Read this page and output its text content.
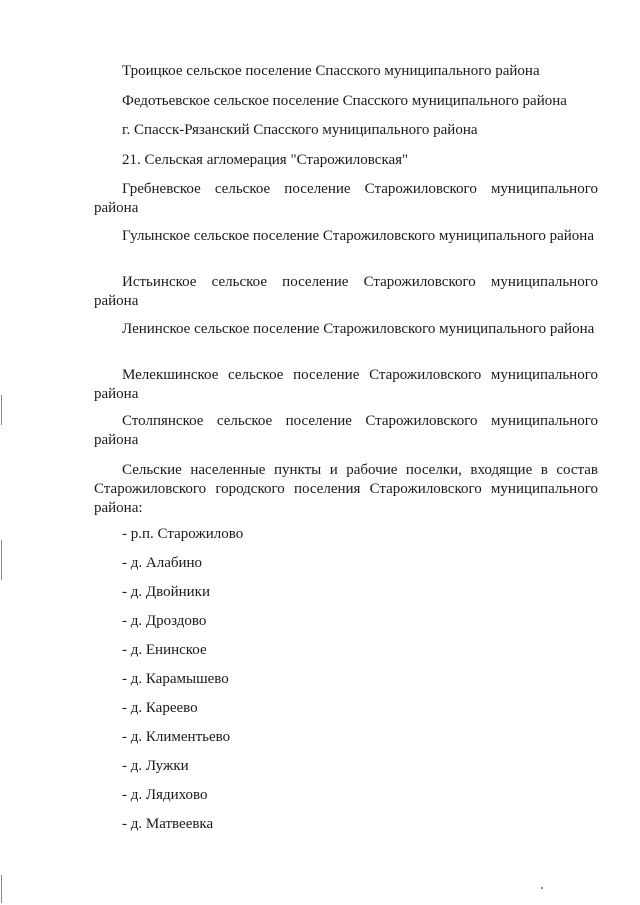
Троицкое сельское поселение Спасского муниципального района
Федотьевское сельское поселение Спасского муниципального района
г. Спасск-Рязанский Спасского муниципального района
21. Сельская агломерация "Старожиловская"
Гребневское сельское поселение Старожиловского муниципального района
Гулынское сельское поселение Старожиловского муниципального района
Истьинское сельское поселение Старожиловского муниципального района
Ленинское сельское поселение Старожиловского муниципального района
Мелекшинское сельское поселение Старожиловского муниципального района
Столпянское сельское поселение Старожиловского муниципального района
Сельские населенные пункты и рабочие поселки, входящие в состав Старожиловского городского поселения Старожиловского муниципального района:
- р.п. Старожилово
- д. Алабино
- д. Двойники
- д. Дроздово
- д. Енинское
- д. Карамышево
- д. Кареево
- д. Климентьево
- д. Лужки
- д. Лядихово
- д. Матвеевка
